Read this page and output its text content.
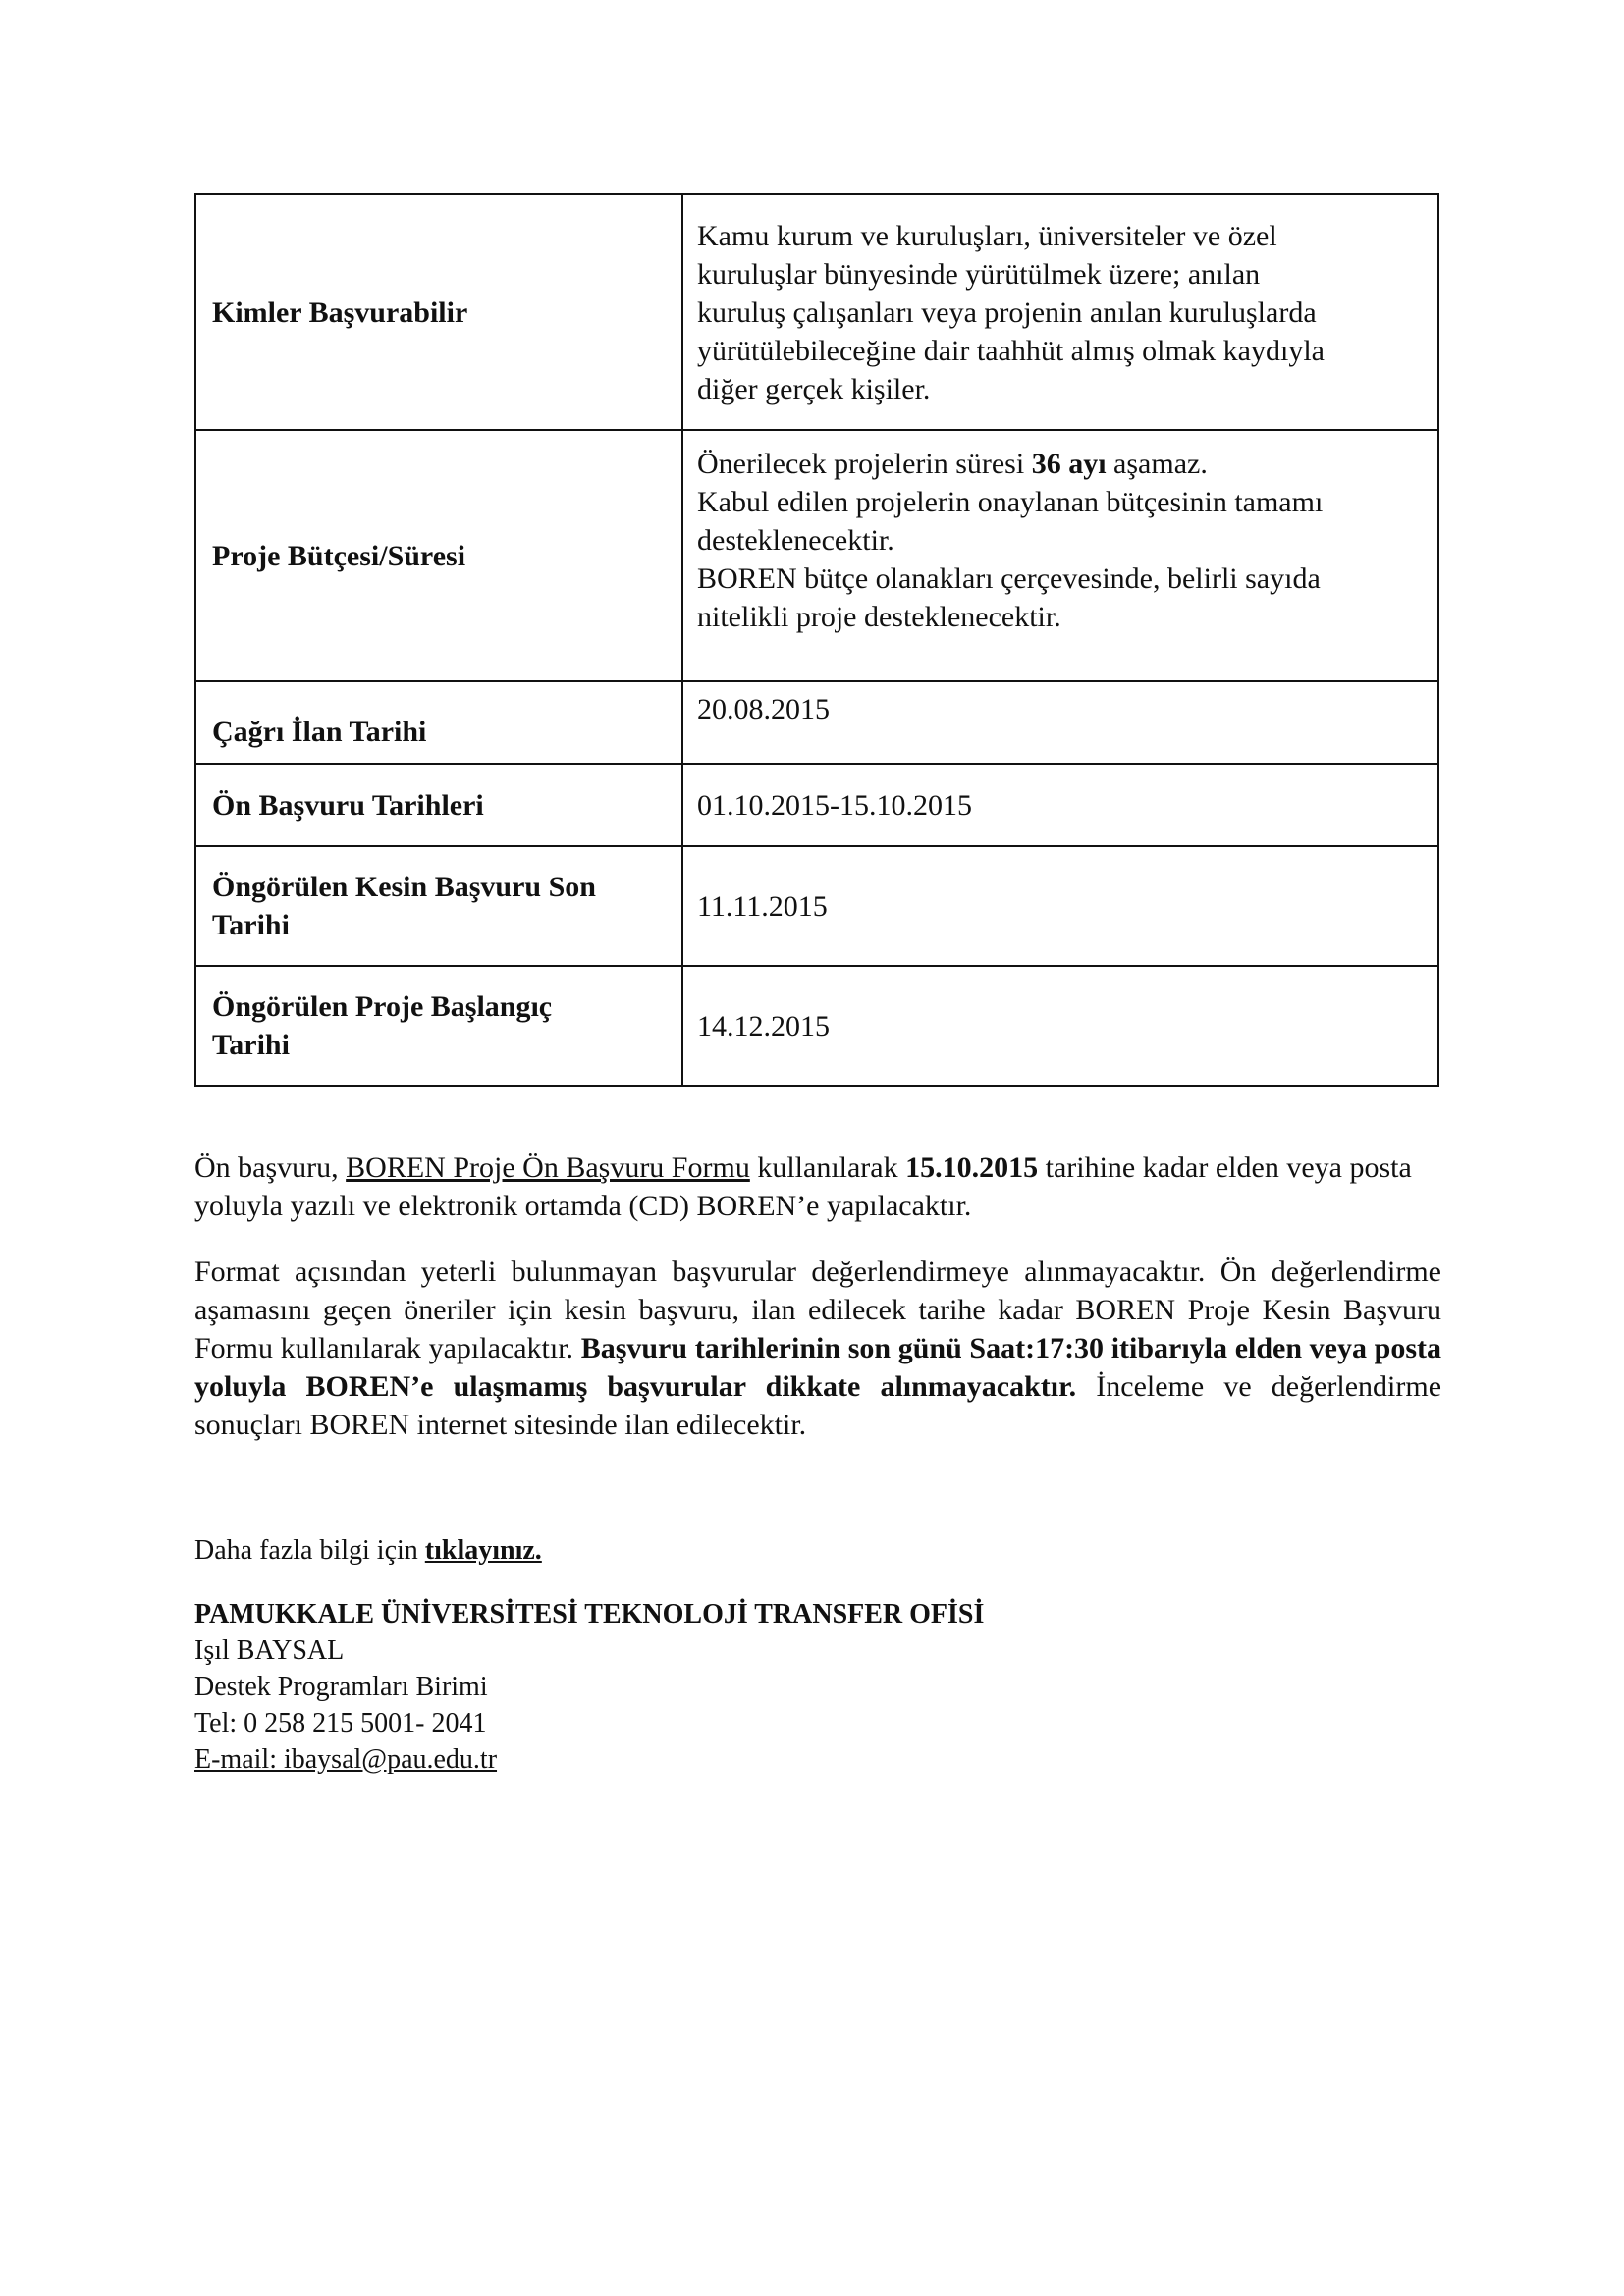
Kimler Başvurabilir	Kamu kurum ve kuruluşları, üniversiteler ve özel
kuruluşlar bünyesinde yürütülmek üzere; anılan
kuruluş çalışanları veya projenin anılan kuruluşlarda
yürütülebileceğine dair taahhüt almış olmak kaydıyla
diğer gerçek kişiler.

Proje Bütçesi/Süresi	Önerilecek projelerin süresi 36 ayı aşamaz.
Kabul edilen projelerin onaylanan bütçesinin tamamı
desteklenecektir.
BOREN bütçe olanakları çerçevesinde, belirli sayıda
nitelikli proje desteklenecektir.

Çağrı İlan Tarihi	20.08.2015
Ön Başvuru Tarihleri	01.10.2015-15.10.2015

Öngörülen Kesin Başvuru Son
Tarihi	11.11.2015

Öngörülen Proje Başlangıç
Tarihi	14.12.2015
Ön başvuru, BOREN Proje Ön Başvuru Formu kullanılarak 15.10.2015 tarihine kadar elden veya posta yoluyla yazılı ve elektronik ortamda (CD) BOREN’e yapılacaktır.
Format açısından yeterli bulunmayan başvurular değerlendirmeye alınmayacaktır. Ön değerlendirme aşamasını geçen öneriler için kesin başvuru, ilan edilecek tarihe kadar BOREN Proje Kesin Başvuru Formu kullanılarak yapılacaktır. Başvuru tarihlerinin son günü Saat:17:30 itibarıyla elden veya posta yoluyla BOREN’e ulaşmamış başvurular dikkate alınmayacaktır. İnceleme ve değerlendirme sonuçları BOREN internet sitesinde ilan edilecektir.
Daha fazla bilgi için tıklayınız.
PAMUKKALE ÜNİVERSİTESİ TEKNOLOJİ TRANSFER OFİSİ
Işıl BAYSAL
Destek Programları Birimi
Tel: 0 258 215 5001- 2041
E-mail: ibaysal@pau.edu.tr
